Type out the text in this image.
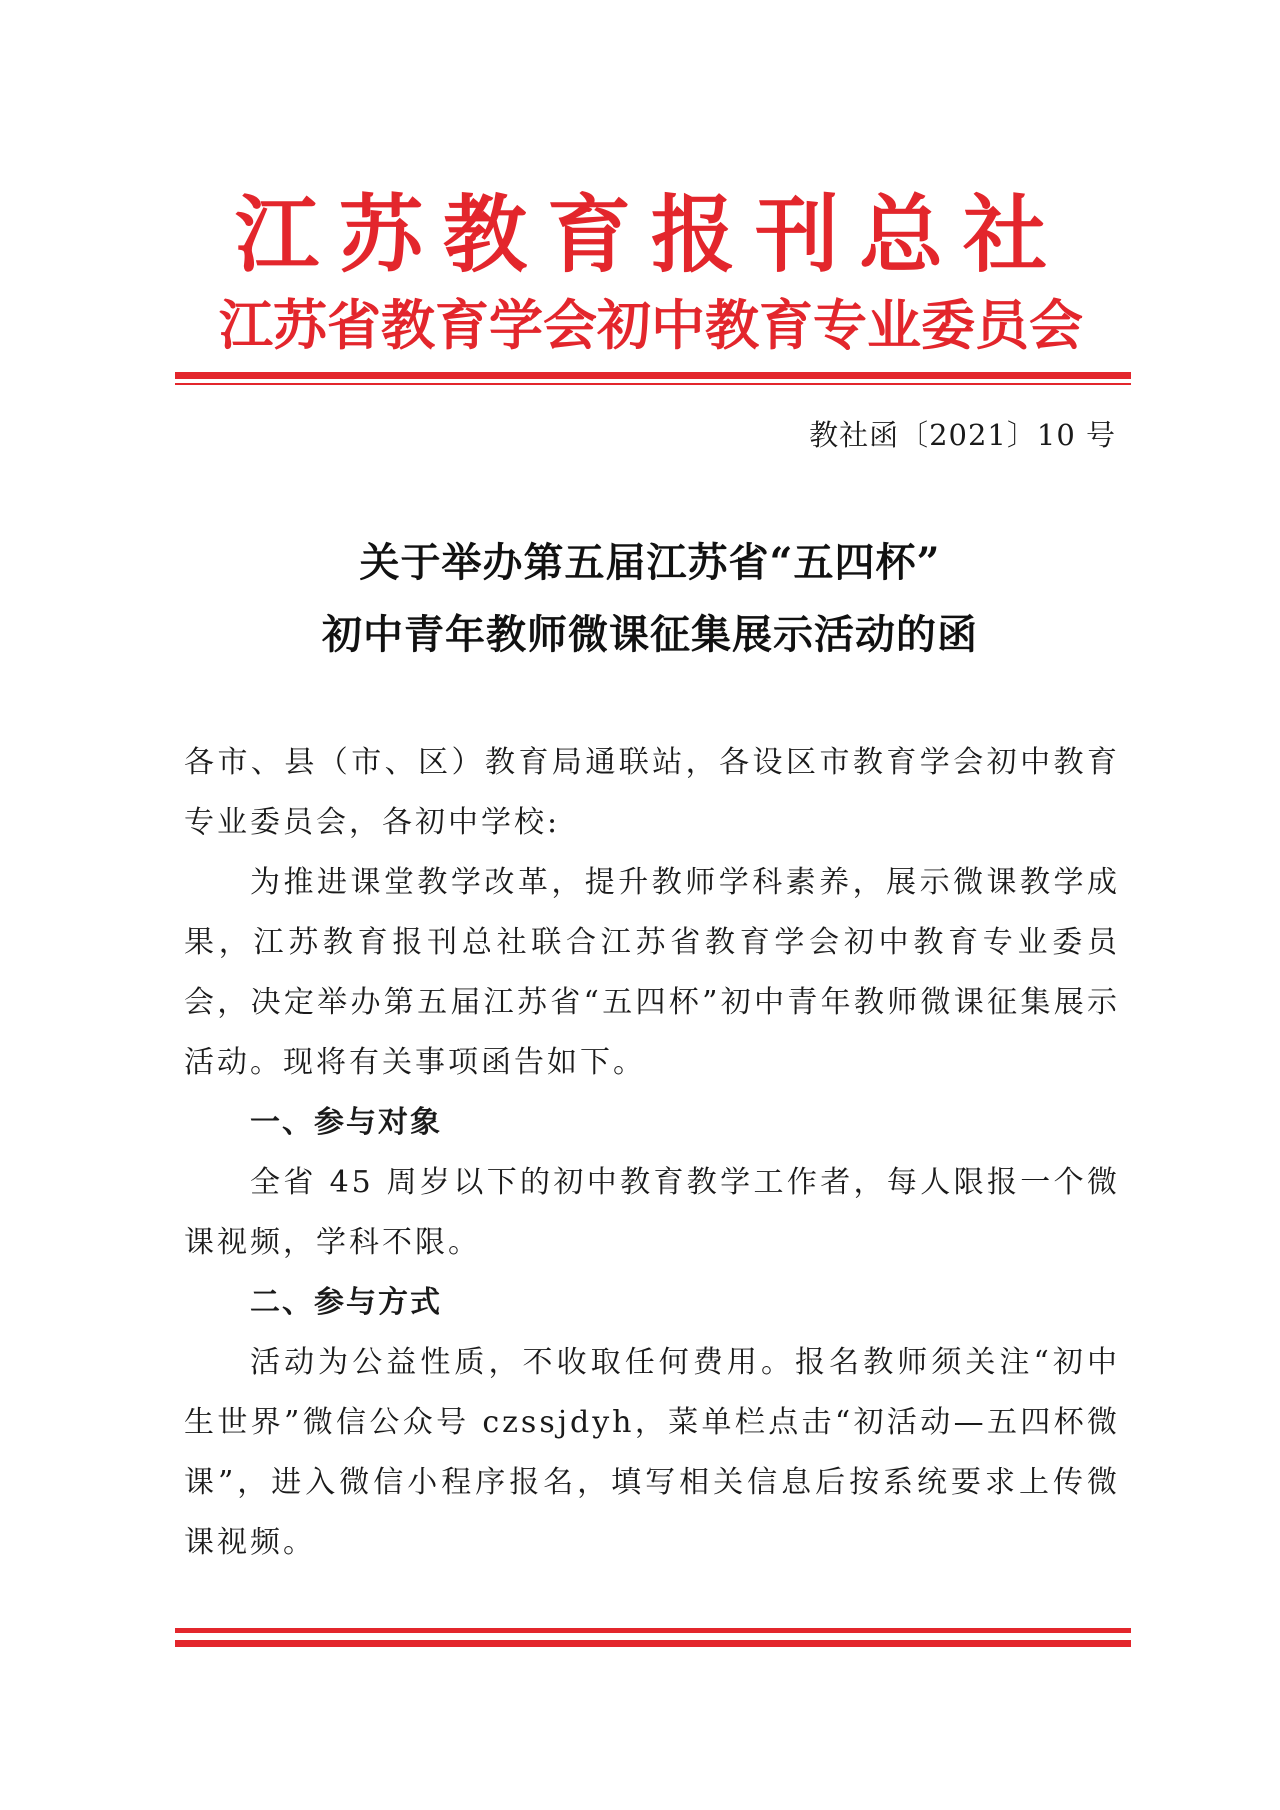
江苏教育报刊总社
江苏省教育学会初中教育专业委员会
教社函〔2021〕10 号
关于举办第五届江苏省“五四杯”
初中青年教师微课征集展示活动的函

各市、县（市、区）教育局通联站，各设区市教育学会初中教育专业委员会，各初中学校:

为推进课堂教学改革，提升教师学科素养，展示微课教学成果，江苏教育报刊总社联合江苏省教育学会初中教育专业委员会，决定举办第五届江苏省“五四杯”初中青年教师微课征集展示活动。现将有关事项函告如下。

一、参与对象

全省 45 周岁以下的初中教育教学工作者，每人限报一个微课视频，学科不限。

二、参与方式

活动为公益性质，不收取任何费用。报名教师须关注“初中生世界”微信公众号 czssjdyh，菜单栏点击“初活动—五四杯微课”，进入微信小程序报名，填写相关信息后按系统要求上传微课视频。
